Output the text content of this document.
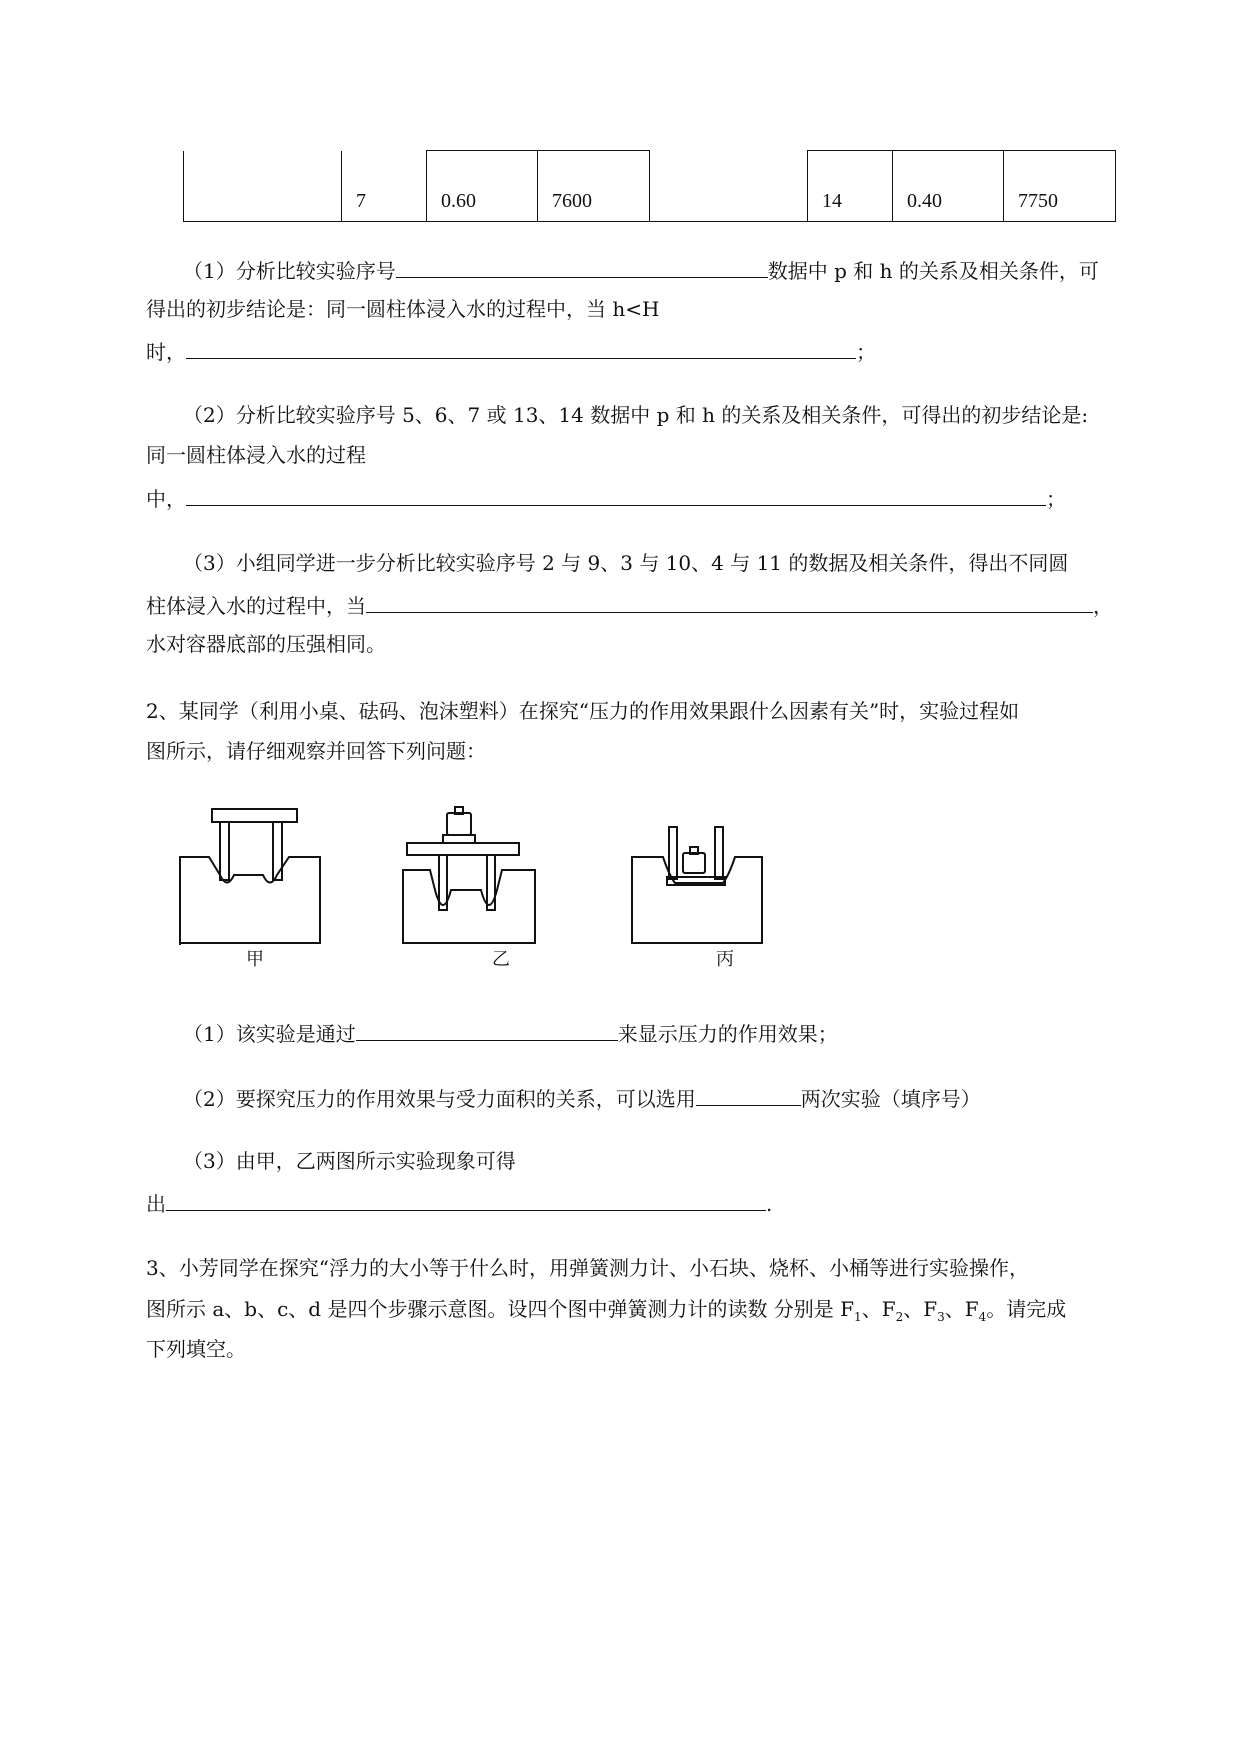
7	0.60	7600		14	0.40	7750
（1）分析比较实验序号	数据中 p 和 h 的关系及相关条件，可
得出的初步结论是：同一圆柱体浸入水的过程中，当 h<H
时，	；
（2）分析比较实验序号 5、6、7 或 13、14 数据中 p 和 h 的关系及相关条件，可得出的初步结论是:
同一圆柱体浸入水的过程
中，	；
（3）小组同学进一步分析比较实验序号 2 与 9、3 与 10、4 与 11 的数据及相关条件，得出不同圆
柱体浸入水的过程中，当	，
水对容器底部的压强相同。
2、某同学（利用小桌、砝码、泡沫塑料）在探究“压力的作用效果跟什么因素有关”时，实验过程如
图所示，请仔细观察并回答下列问题：
甲	乙	丙
（1）该实验是通过	来显示压力的作用效果；
（2）要探究压力的作用效果与受力面积的关系，可以选用	两次实验（填序号）
（3）由甲，乙两图所示实验现象可得
出	.
3、小芳同学在探究“浮力的大小等于什么时，用弹簧测力计、小石块、烧杯、小桶等进行实验操作，
图所示 a、b、c、d 是四个步骤示意图。设四个图中弹簧测力计的读数 分别是 $F_1$、$F_2$、$F_3$、$F_4$。请完成
下列填空。
